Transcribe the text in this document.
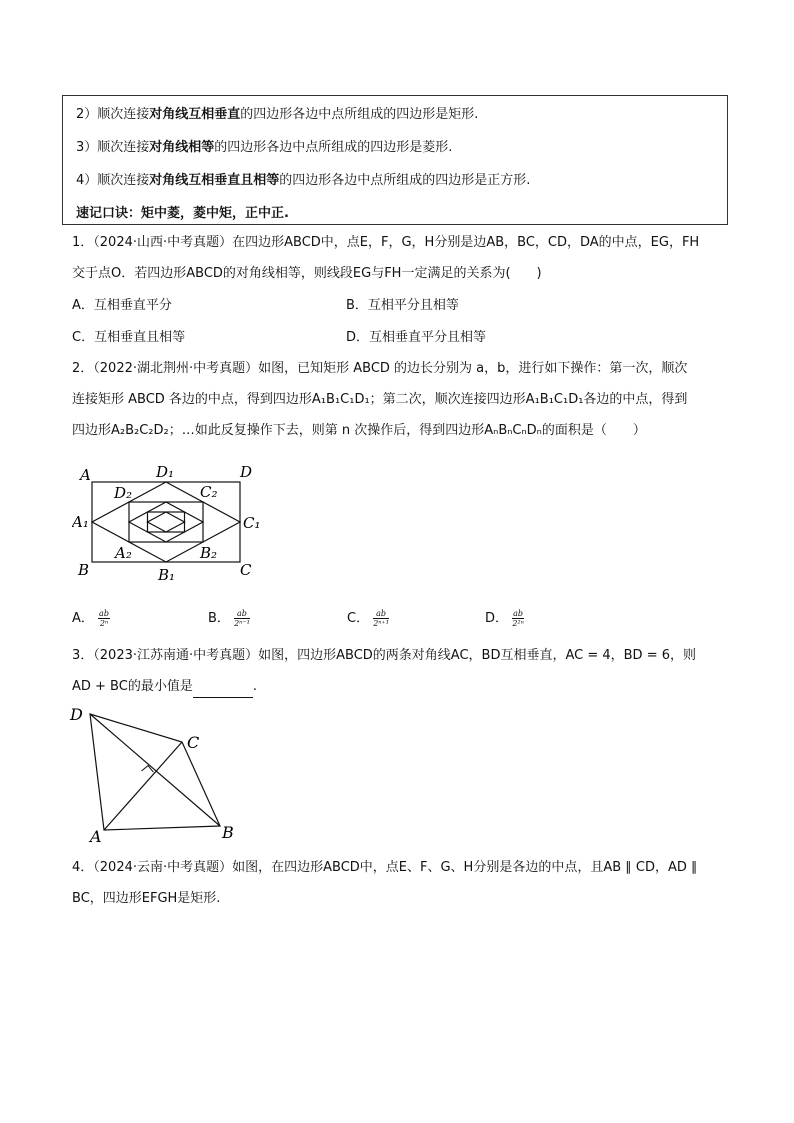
2）顺次连接对角线互相垂直的四边形各边中点所组成的四边形是矩形.
3）顺次连接对角线相等的四边形各边中点所组成的四边形是菱形.
4）顺次连接对角线互相垂直且相等的四边形各边中点所组成的四边形是正方形.
速记口诀：矩中菱，菱中矩，正中正.
1．（2024·山西·中考真题）在四边形ABCD中，点E，F，G，H分别是边AB，BC，CD，DA的中点，EG，FH
交于点O．若四边形ABCD的对角线相等，则线段EG与FH一定满足的关系为(　　)
A．互相垂直平分	B．互相平分且相等
C．互相垂直且相等	D．互相垂直平分且相等
2．（2022·湖北荆州·中考真题）如图，已知矩形 ABCD 的边长分别为 a，b，进行如下操作：第一次，顺次
连接矩形 ABCD 各边的中点，得到四边形A₁B₁C₁D₁；第二次，顺次连接四边形A₁B₁C₁D₁各边的中点，得到
四边形A₂B₂C₂D₂；…如此反复操作下去，则第 n 次操作后，得到四边形AₙBₙCₙDₙ的面积是（　　）
A	D₁	D
D₂	C₂
A₁	C₁
A₂	B₂
B	B₁	C
A． $\frac{ab}{\text{2ⁿ}}$	B． $\frac{ab}{\text{2ⁿ⁻¹}}$	C． $\frac{ab}{\text{2ⁿ⁺¹}}$	D． $\frac{ab}{\text{2²ⁿ}}$
3．（2023·江苏南通·中考真题）如图，四边形ABCD的两条对角线AC，BD互相垂直，AC = 4，BD = 6，则
AD + BC的最小值是	.
D
C
A	B
4．（2024·云南·中考真题）如图，在四边形ABCD中，点E、F、G、H分别是各边的中点，且AB ∥ CD，AD ∥
BC，四边形EFGH是矩形.
